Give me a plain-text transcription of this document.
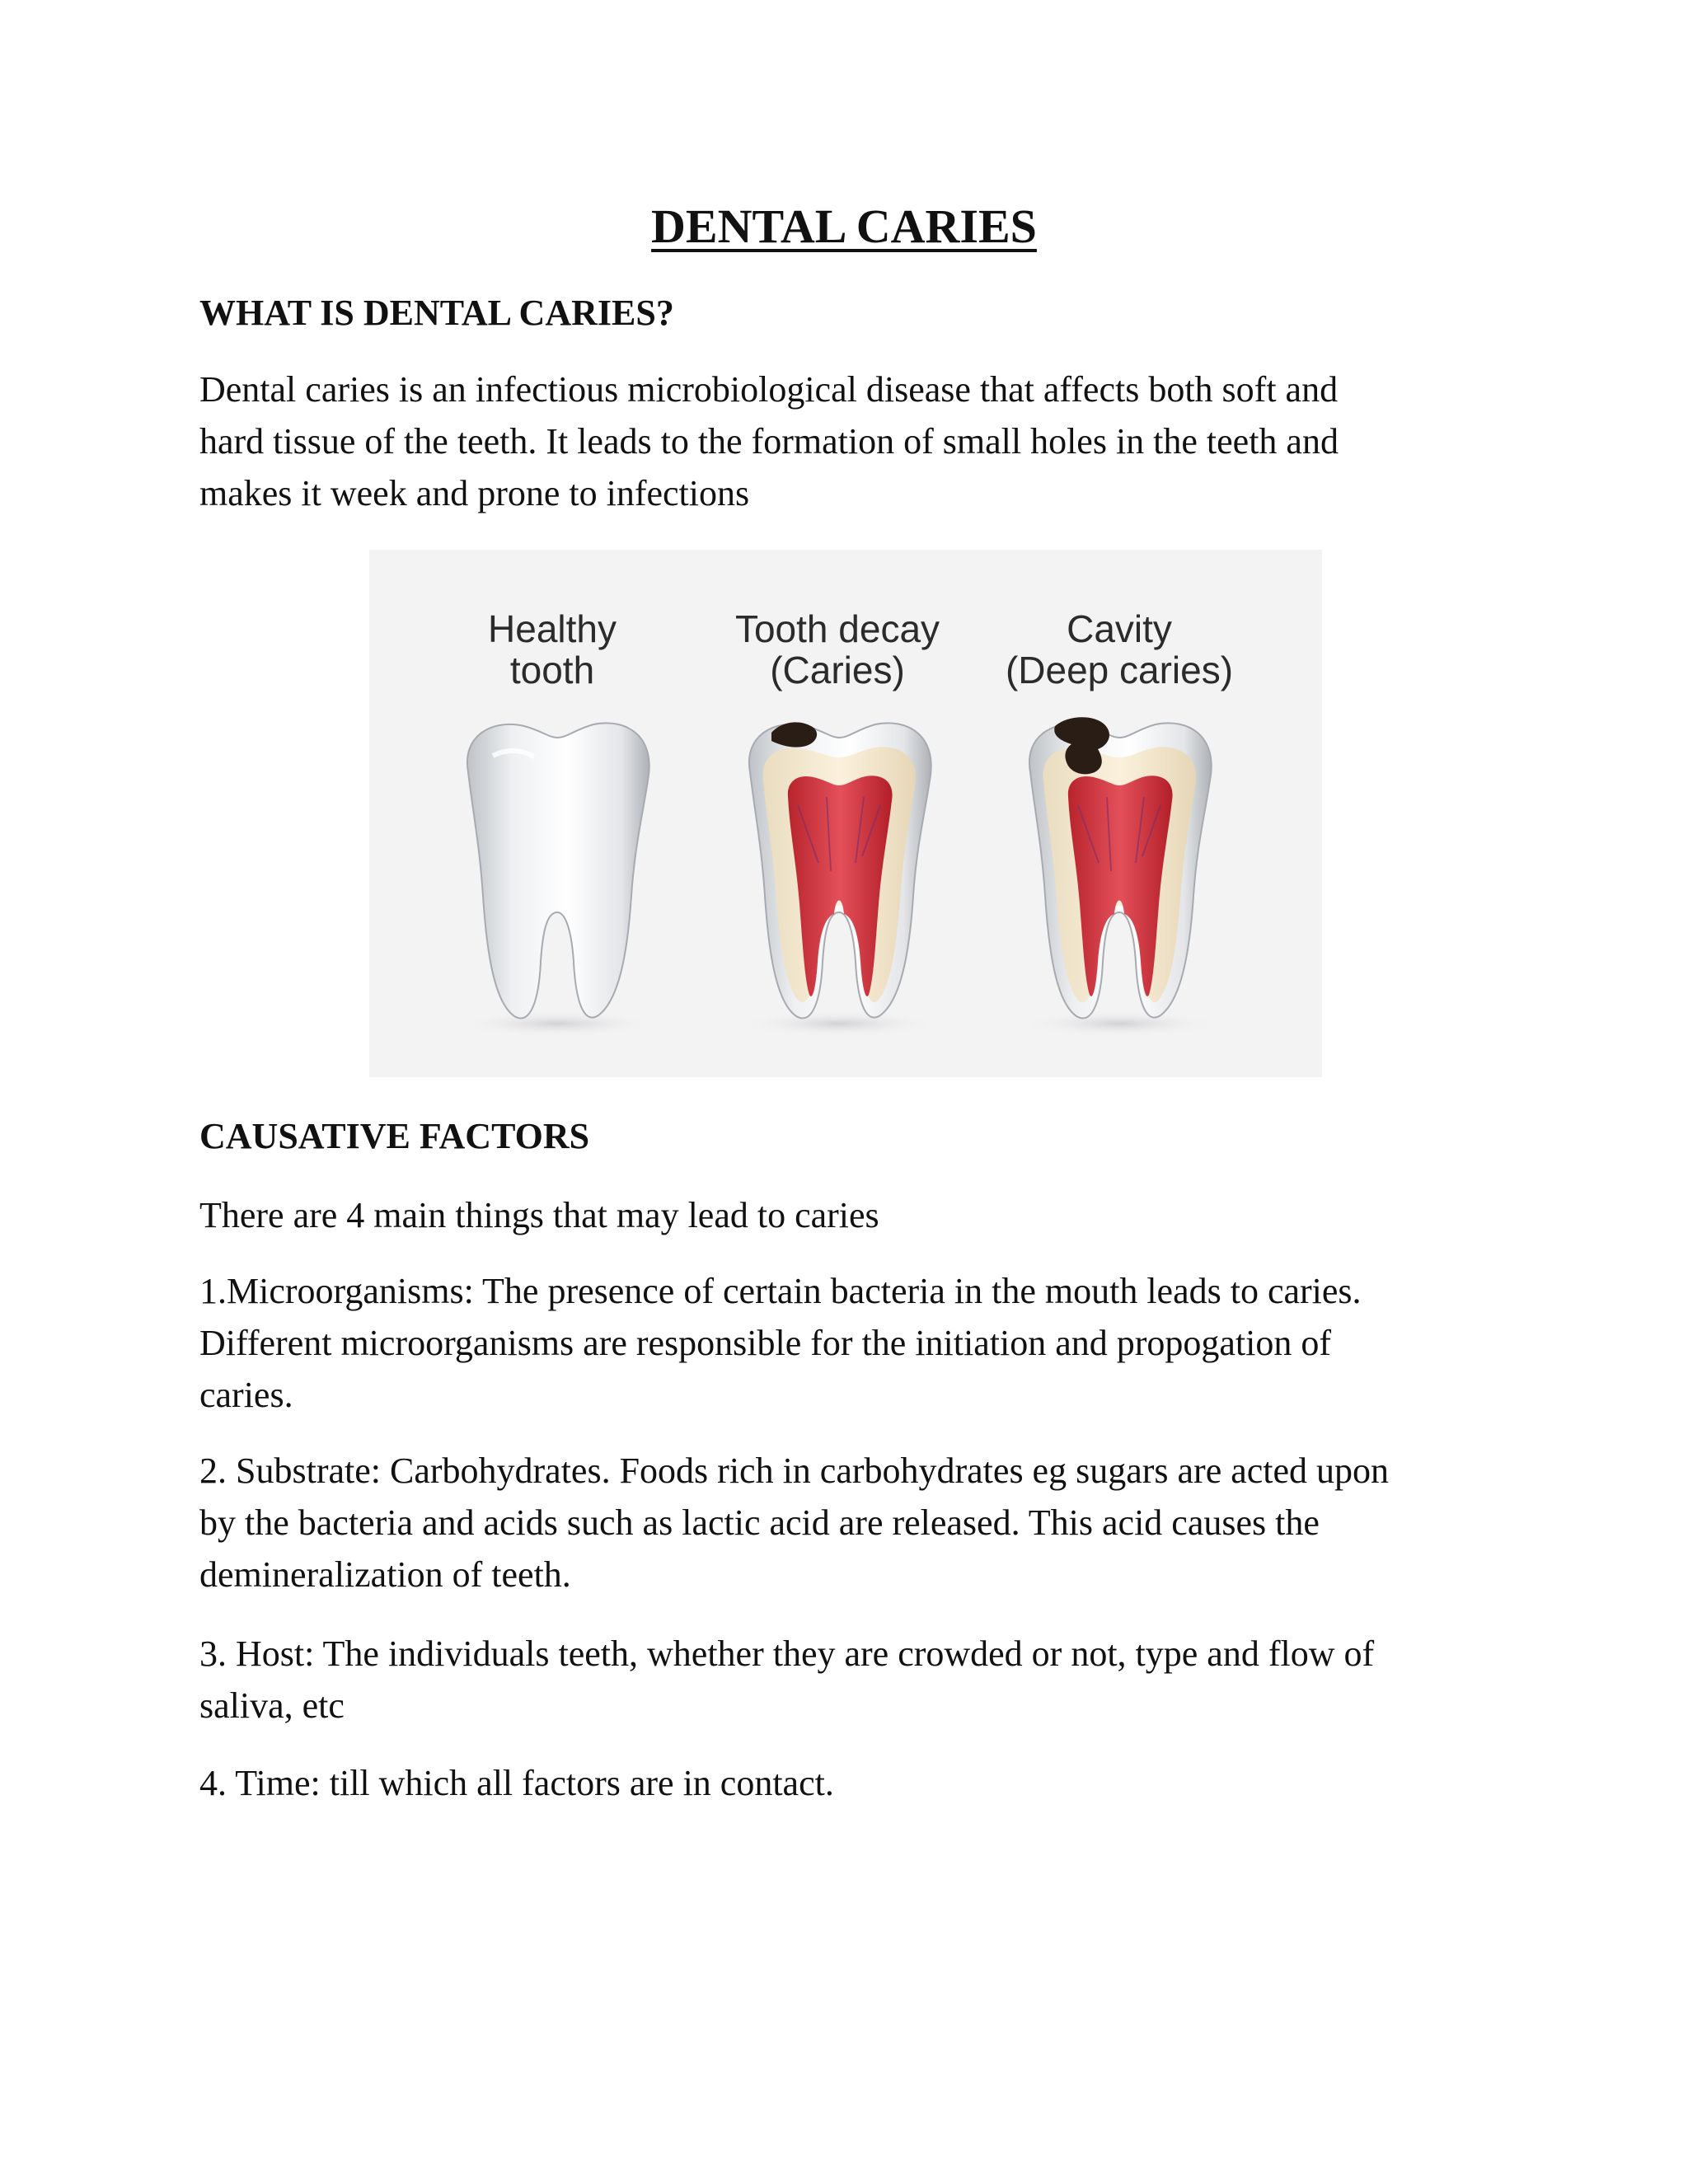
DENTAL CARIES
WHAT IS DENTAL CARIES?
Dental caries is an infectious microbiological disease that affects both soft and
hard tissue of the teeth. It leads to the formation of small holes in the teeth and
makes it week and prone to infections
Healthy
tooth
Tooth decay
(Caries)
Cavity
(Deep caries)
CAUSATIVE FACTORS
There are 4 main things that may lead to caries
1.Microorganisms: The presence of certain bacteria in the mouth leads to caries.
Different microorganisms are responsible for the initiation and propogation of
caries.
2. Substrate: Carbohydrates. Foods rich in carbohydrates eg sugars are acted upon
by the bacteria and acids such as lactic acid are released. This acid causes the
demineralization of teeth.
3. Host: The individuals teeth, whether they are crowded or not, type and flow of
saliva, etc
4. Time: till which all factors are in contact.
